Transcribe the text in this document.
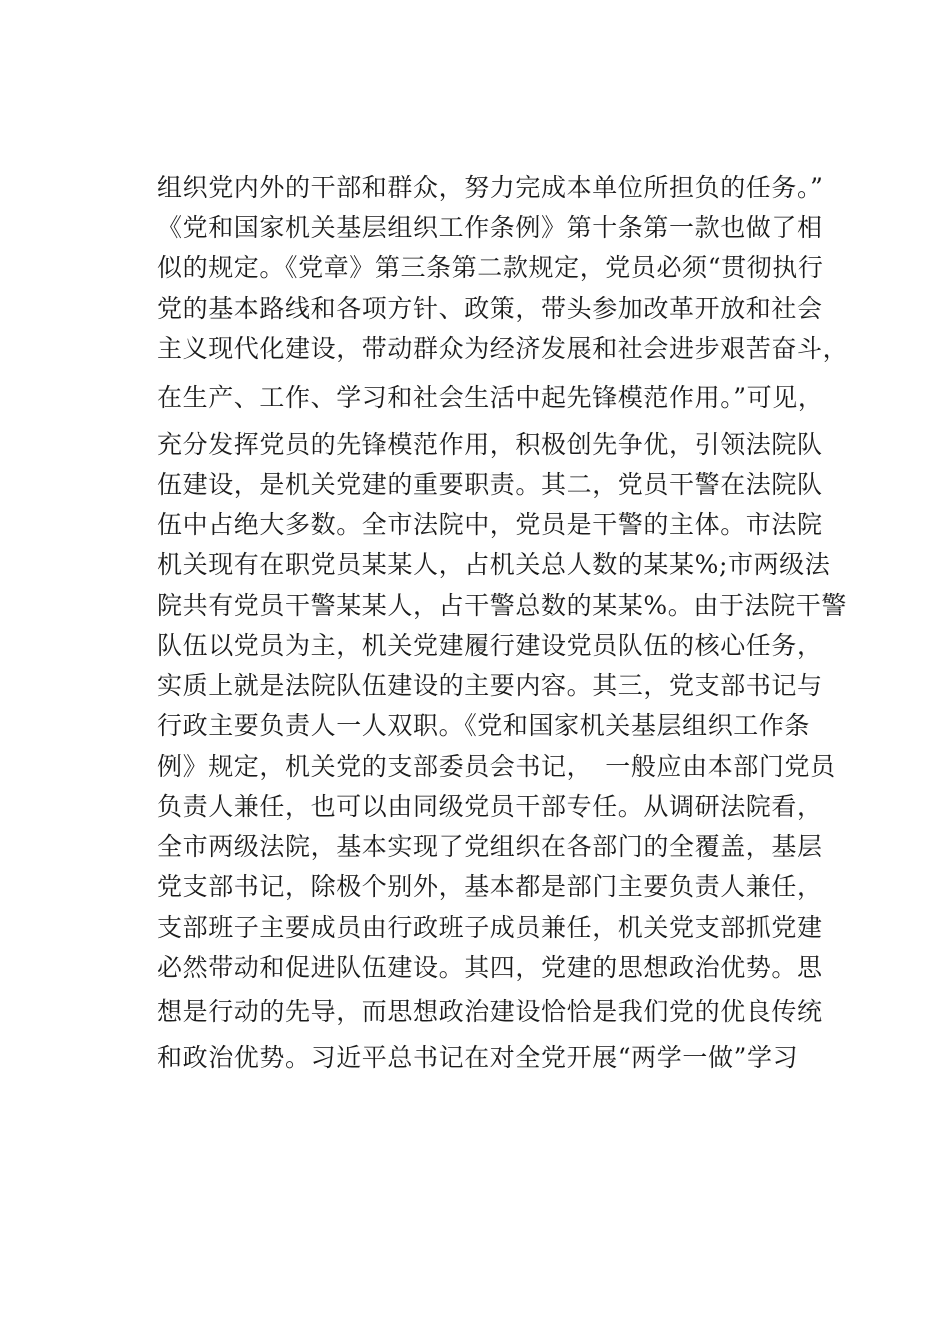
组织党内外的干部和群众，努力完成本单位所担负的任务。”
《党和国家机关基层组织工作条例》第十条第一款也做了相
似的规定。《党章》第三条第二款规定，党员必须“贯彻执行
党的基本路线和各项方针、政策，带头参加改革开放和社会
主义现代化建设，带动群众为经济发展和社会进步艰苦奋斗，
在生产、工作、学习和社会生活中起先锋模范作用。”可见，
充分发挥党员的先锋模范作用，积极创先争优，引领法院队
伍建设，是机关党建的重要职责。其二，党员干警在法院队
伍中占绝大多数。全市法院中，党员是干警的主体。市法院
机关现有在职党员某某人，占机关总人数的某某%;市两级法
院共有党员干警某某人，占干警总数的某某%。由于法院干警
队伍以党员为主，机关党建履行建设党员队伍的核心任务，
实质上就是法院队伍建设的主要内容。其三，党支部书记与
行政主要负责人一人双职。《党和国家机关基层组织工作条
例》规定，机关党的支部委员会书记，　一般应由本部门党员
负责人兼任，也可以由同级党员干部专任。从调研法院看，
全市两级法院，基本实现了党组织在各部门的全覆盖，基层
党支部书记，除极个别外，基本都是部门主要负责人兼任，
支部班子主要成员由行政班子成员兼任，机关党支部抓党建
必然带动和促进队伍建设。其四，党建的思想政治优势。思
想是行动的先导，而思想政治建设恰恰是我们党的优良传统
和政治优势。习近平总书记在对全党开展“两学一做”学习
